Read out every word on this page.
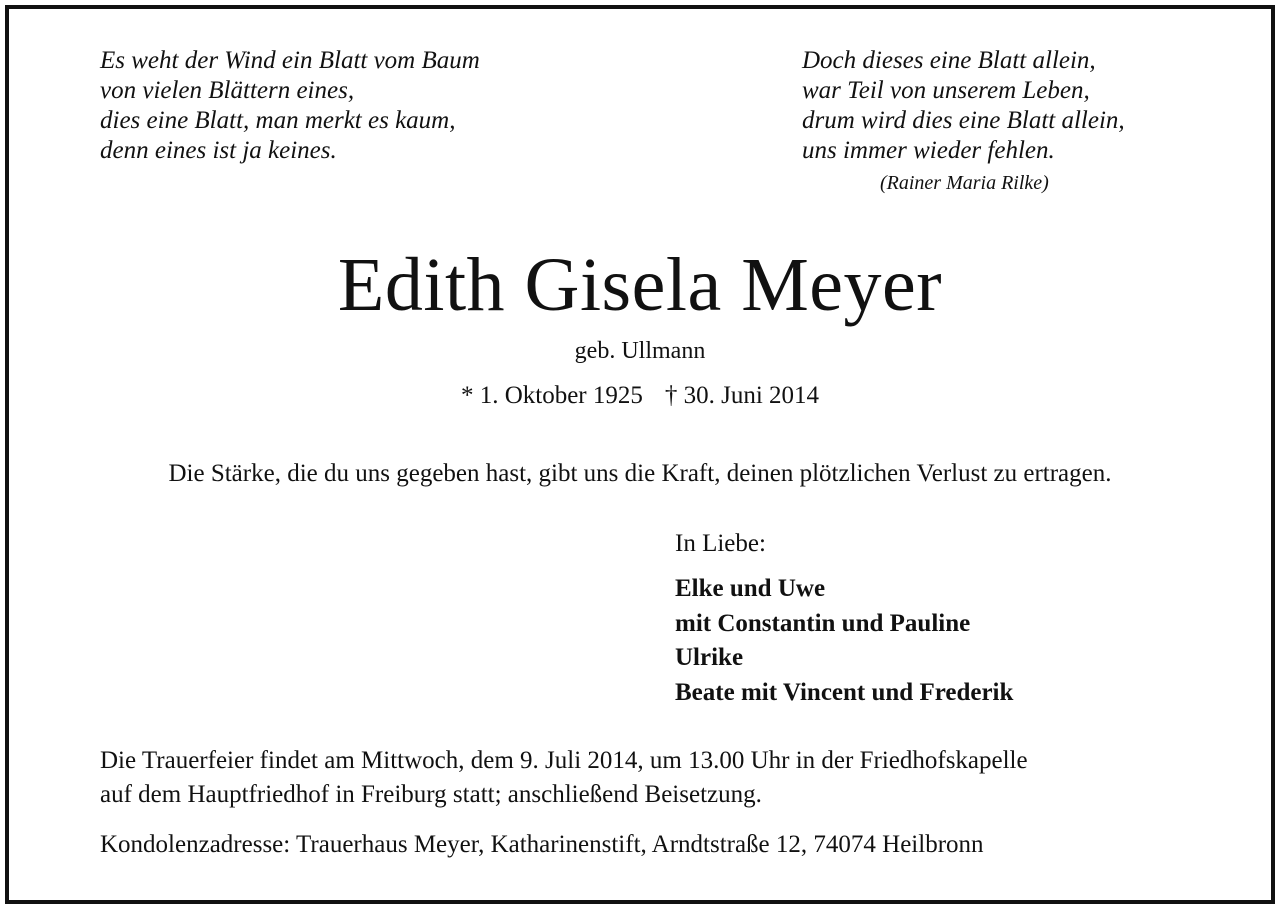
Es weht der Wind ein Blatt vom Baum
von vielen Blättern eines,
dies eine Blatt, man merkt es kaum,
denn eines ist ja keines.
Doch dieses eine Blatt allein,
war Teil von unserem Leben,
drum wird dies eine Blatt allein,
uns immer wieder fehlen.
(Rainer Maria Rilke)
Edith Gisela Meyer
geb. Ullmann
* 1. Oktober 1925 † 30. Juni 2014
Die Stärke, die du uns gegeben hast, gibt uns die Kraft, deinen plötzlichen Verlust zu ertragen.
In Liebe:
Elke und Uwe
mit Constantin und Pauline
Ulrike
Beate mit Vincent und Frederik
Die Trauerfeier findet am Mittwoch, dem 9. Juli 2014, um 13.00 Uhr in der Friedhofskapelle
auf dem Hauptfriedhof in Freiburg statt; anschließend Beisetzung.
Kondolenzadresse: Trauerhaus Meyer, Katharinenstift, Arndtstraße 12, 74074 Heilbronn
